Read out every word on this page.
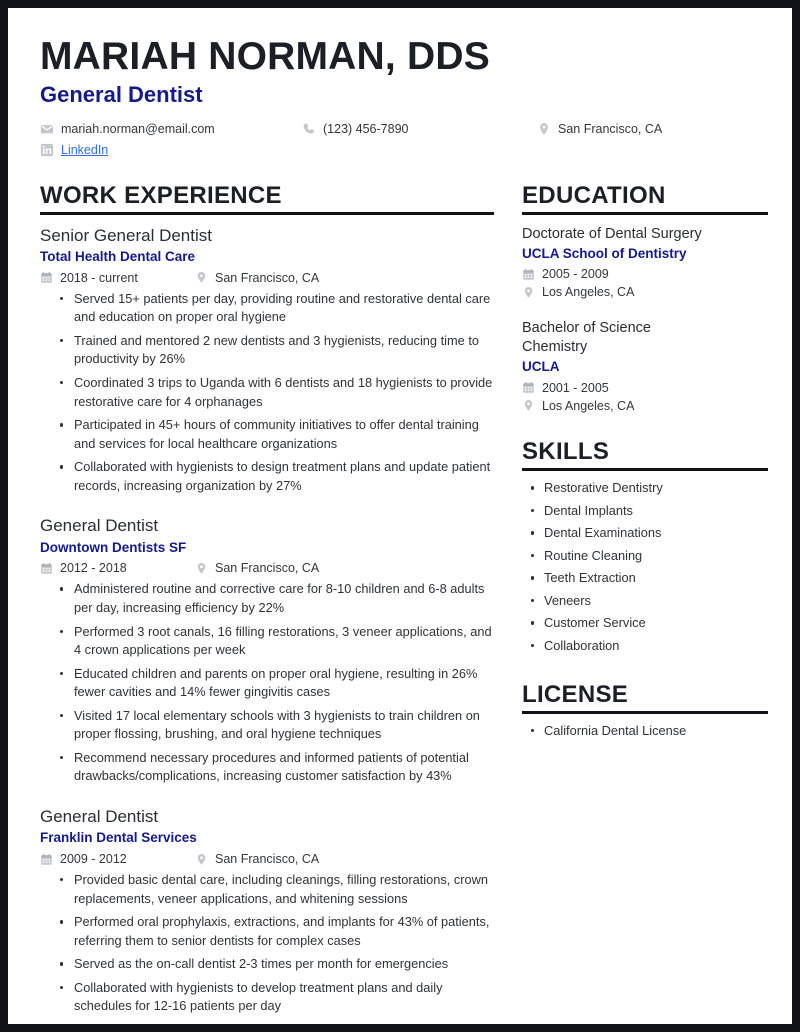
MARIAH NORMAN, DDS
General Dentist
mariah.norman@email.com	(123) 456-7890	San Francisco, CA
LinkedIn
WORK EXPERIENCE
Senior General Dentist
Total Health Dental Care
2018 - current	San Francisco, CA
Served 15+ patients per day, providing routine and restorative dental care and education on proper oral hygiene
Trained and mentored 2 new dentists and 3 hygienists, reducing time to productivity by 26%
Coordinated 3 trips to Uganda with 6 dentists and 18 hygienists to provide restorative care for 4 orphanages
Participated in 45+ hours of community initiatives to offer dental training and services for local healthcare organizations
Collaborated with hygienists to design treatment plans and update patient records, increasing organization by 27%
General Dentist
Downtown Dentists SF
2012 - 2018	San Francisco, CA
Administered routine and corrective care for 8-10 children and 6-8 adults per day, increasing efficiency by 22%
Performed 3 root canals, 16 filling restorations, 3 veneer applications, and 4 crown applications per week
Educated children and parents on proper oral hygiene, resulting in 26% fewer cavities and 14% fewer gingivitis cases
Visited 17 local elementary schools with 3 hygienists to train children on proper flossing, brushing, and oral hygiene techniques
Recommend necessary procedures and informed patients of potential drawbacks/complications, increasing customer satisfaction by 43%
General Dentist
Franklin Dental Services
2009 - 2012	San Francisco, CA
Provided basic dental care, including cleanings, filling restorations, crown replacements, veneer applications, and whitening sessions
Performed oral prophylaxis, extractions, and implants for 43% of patients, referring them to senior dentists for complex cases
Served as the on-call dentist 2-3 times per month for emergencies
Collaborated with hygienists to develop treatment plans and daily schedules for 12-16 patients per day
EDUCATION
Doctorate of Dental Surgery
UCLA School of Dentistry
2005 - 2009
Los Angeles, CA
Bachelor of Science
Chemistry
UCLA
2001 - 2005
Los Angeles, CA
SKILLS
Restorative Dentistry
Dental Implants
Dental Examinations
Routine Cleaning
Teeth Extraction
Veneers
Customer Service
Collaboration
LICENSE
California Dental License
